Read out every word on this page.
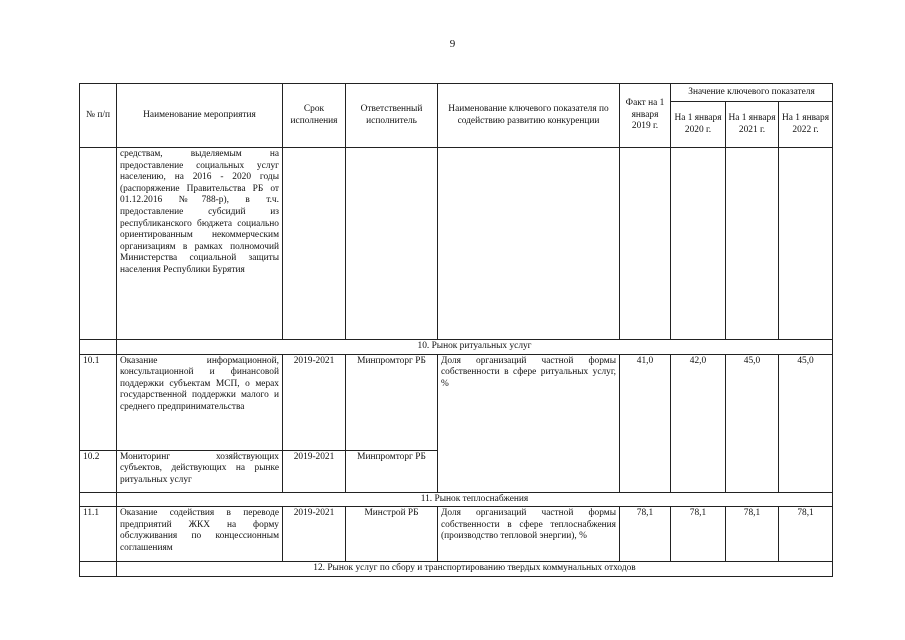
9
№ п/п	Наименование мероприятия	Срок исполнения	Ответственный исполнитель	Наименование ключевого показателя по содействию развитию конкуренции	Факт на 1 января 2019 г.	Значение ключевого показателя		
						На 1 января 2020 г.	На 1 января 2021 г.	На 1 января 2022 г.
	средствам, выделяемым на предоставление социальных услуг населению, на 2016 - 2020 годы (распоряжение Правительства РБ от 01.12.2016 №788-р), в т.ч. предоставление субсидий из республиканского бюджета социально ориентированным некоммерческим организациям в рамках полномочий Министерства социальной защиты населения Республики Бурятия							
	10. Рынок ритуальных услуг							
10.1	Оказание информационной, консультационной и финансовой поддержки субъектам МСП, о мерах государственной поддержки малого и среднего предпринимательства	2019-2021	Минпромторг РБ	Доля организаций частной формы собственности в сфере ритуальных услуг, %	41,0	42,0	45,0	45,0
10.2	Мониторинг хозяйствующих субъектов, действующих на рынке ритуальных услуг	2019-2021	Минпромторг РБ					
	11. Рынок теплоснабжения							
11.1	Оказание содействия в переводе предприятий ЖКХ на форму обслуживания по концессионным соглашениям	2019-2021	Минстрой РБ	Доля организаций частной формы собственности в сфере теплоснабжения (производство тепловой энергии), %	78,1	78,1	78,1	78,1
	12. Рынок услуг по сбору и транспортированию твердых коммунальных отходов							
